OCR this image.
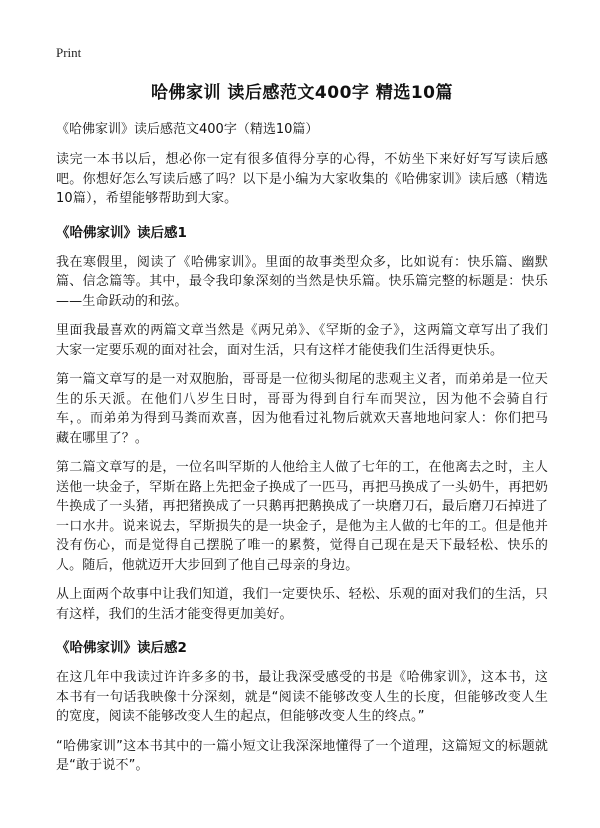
Print
哈佛家训 读后感范文400字 精选10篇
《哈佛家训》读后感范文400字（精选10篇）

读完一本书以后，想必你一定有很多值得分享的心得，不妨坐下来好好写写读后感吧。你想好怎么写读后感了吗？以下是小编为大家收集的《哈佛家训》读后感（精选10篇），希望能够帮助到大家。

《哈佛家训》读后感1

我在寒假里，阅读了《哈佛家训》。里面的故事类型众多，比如说有：快乐篇、幽默篇、信念篇等。其中，最令我印象深刻的当然是快乐篇。快乐篇完整的标题是：快乐——生命跃动的和弦。

里面我最喜欢的两篇文章当然是《两兄弟》、《罕斯的金子》，这两篇文章写出了我们大家一定要乐观的面对社会，面对生活，只有这样才能使我们生活得更快乐。

第一篇文章写的是一对双胞胎，哥哥是一位彻头彻尾的悲观主义者，而弟弟是一位天生的乐天派。在他们八岁生日时，哥哥为得到自行车而哭泣，因为他不会骑自行车，。而弟弟为得到马粪而欢喜，因为他看过礼物后就欢天喜地地问家人：你们把马藏在哪里了？。

第二篇文章写的是，一位名叫罕斯的人他给主人做了七年的工，在他离去之时，主人送他一块金子，罕斯在路上先把金子换成了一匹马，再把马换成了一头奶牛，再把奶牛换成了一头猪，再把猪换成了一只鹅再把鹅换成了一块磨刀石，最后磨刀石掉进了一口水井。说来说去，罕斯损失的是一块金子，是他为主人做的七年的工。但是他并没有伤心，而是觉得自己摆脱了唯一的累赘，觉得自己现在是天下最轻松、快乐的人。随后，他就迈开大步回到了他自己母亲的身边。

从上面两个故事中让我们知道，我们一定要快乐、轻松、乐观的面对我们的生活，只有这样，我们的生活才能变得更加美好。

《哈佛家训》读后感2

在这几年中我读过许许多多的书，最让我深受感受的书是《哈佛家训》，这本书，这本书有一句话我映像十分深刻，就是“阅读不能够改变人生的长度，但能够改变人生的宽度，阅读不能够改变人生的起点，但能够改变人生的终点。”

“哈佛家训”这本书其中的一篇小短文让我深深地懂得了一个道理，这篇短文的标题就是“敢于说不”。
